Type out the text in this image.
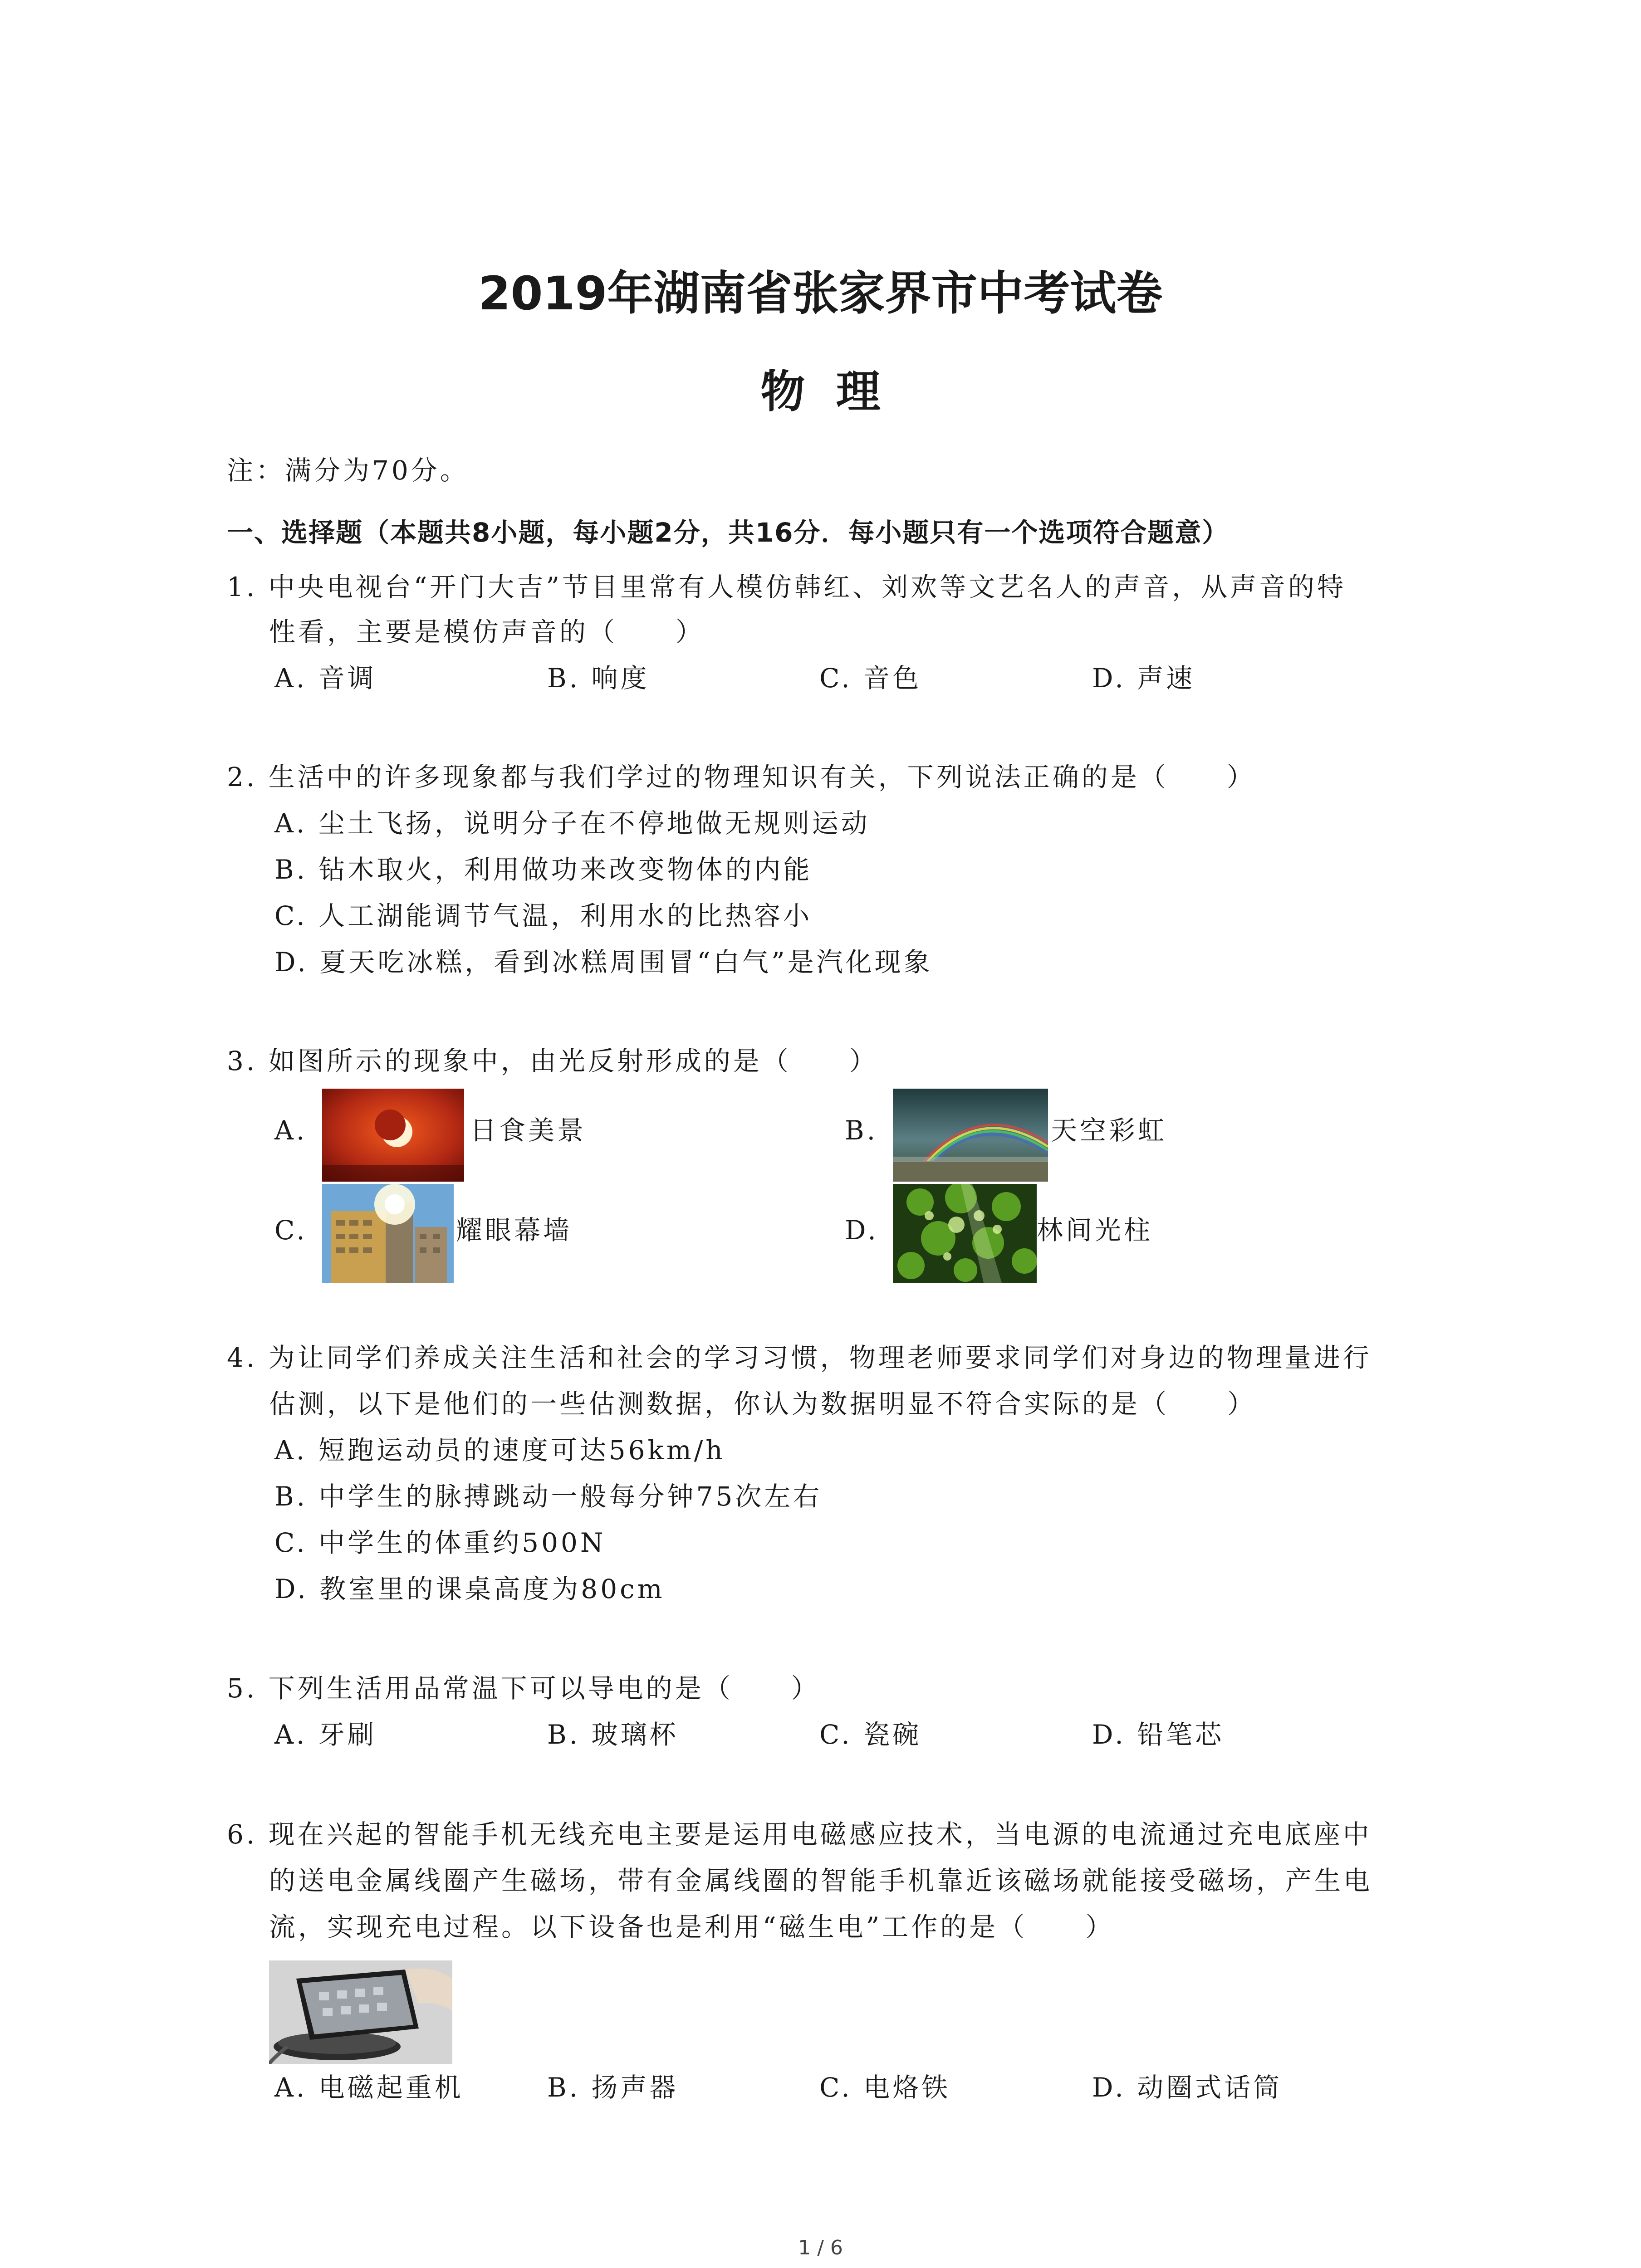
2019年湖南省张家界市中考试卷
物  理
注：满分为70分。
一、选择题（本题共8小题，每小题2分，共16分．每小题只有一个选项符合题意）
1. 中央电视台“开门大吉”节目里常有人模仿韩红、刘欢等文艺名人的声音，从声音的特
性看，主要是模仿声音的（　　）
A. 音调	B. 响度	C. 音色	D. 声速
2. 生活中的许多现象都与我们学过的物理知识有关，下列说法正确的是（　　）
A. 尘土飞扬，说明分子在不停地做无规则运动
B. 钻木取火，利用做功来改变物体的内能
C. 人工湖能调节气温，利用水的比热容小
D. 夏天吃冰糕，看到冰糕周围冒“白气”是汽化现象
3. 如图所示的现象中，由光反射形成的是（　　）
A.	日食美景	B.	天空彩虹
C.	耀眼幕墙	D.	林间光柱
4. 为让同学们养成关注生活和社会的学习习惯，物理老师要求同学们对身边的物理量进行
估测，以下是他们的一些估测数据，你认为数据明显不符合实际的是（　　）
A. 短跑运动员的速度可达56km/h
B. 中学生的脉搏跳动一般每分钟75次左右
C. 中学生的体重约500N
D. 教室里的课桌高度为80cm
5. 下列生活用品常温下可以导电的是（　　）
A. 牙刷	B. 玻璃杯	C. 瓷碗	D. 铅笔芯
6. 现在兴起的智能手机无线充电主要是运用电磁感应技术，当电源的电流通过充电底座中
的送电金属线圈产生磁场，带有金属线圈的智能手机靠近该磁场就能接受磁场，产生电
流，实现充电过程。以下设备也是利用“磁生电”工作的是（　　）
A. 电磁起重机	B. 扬声器	C. 电烙铁	D. 动圈式话筒
1 / 6
